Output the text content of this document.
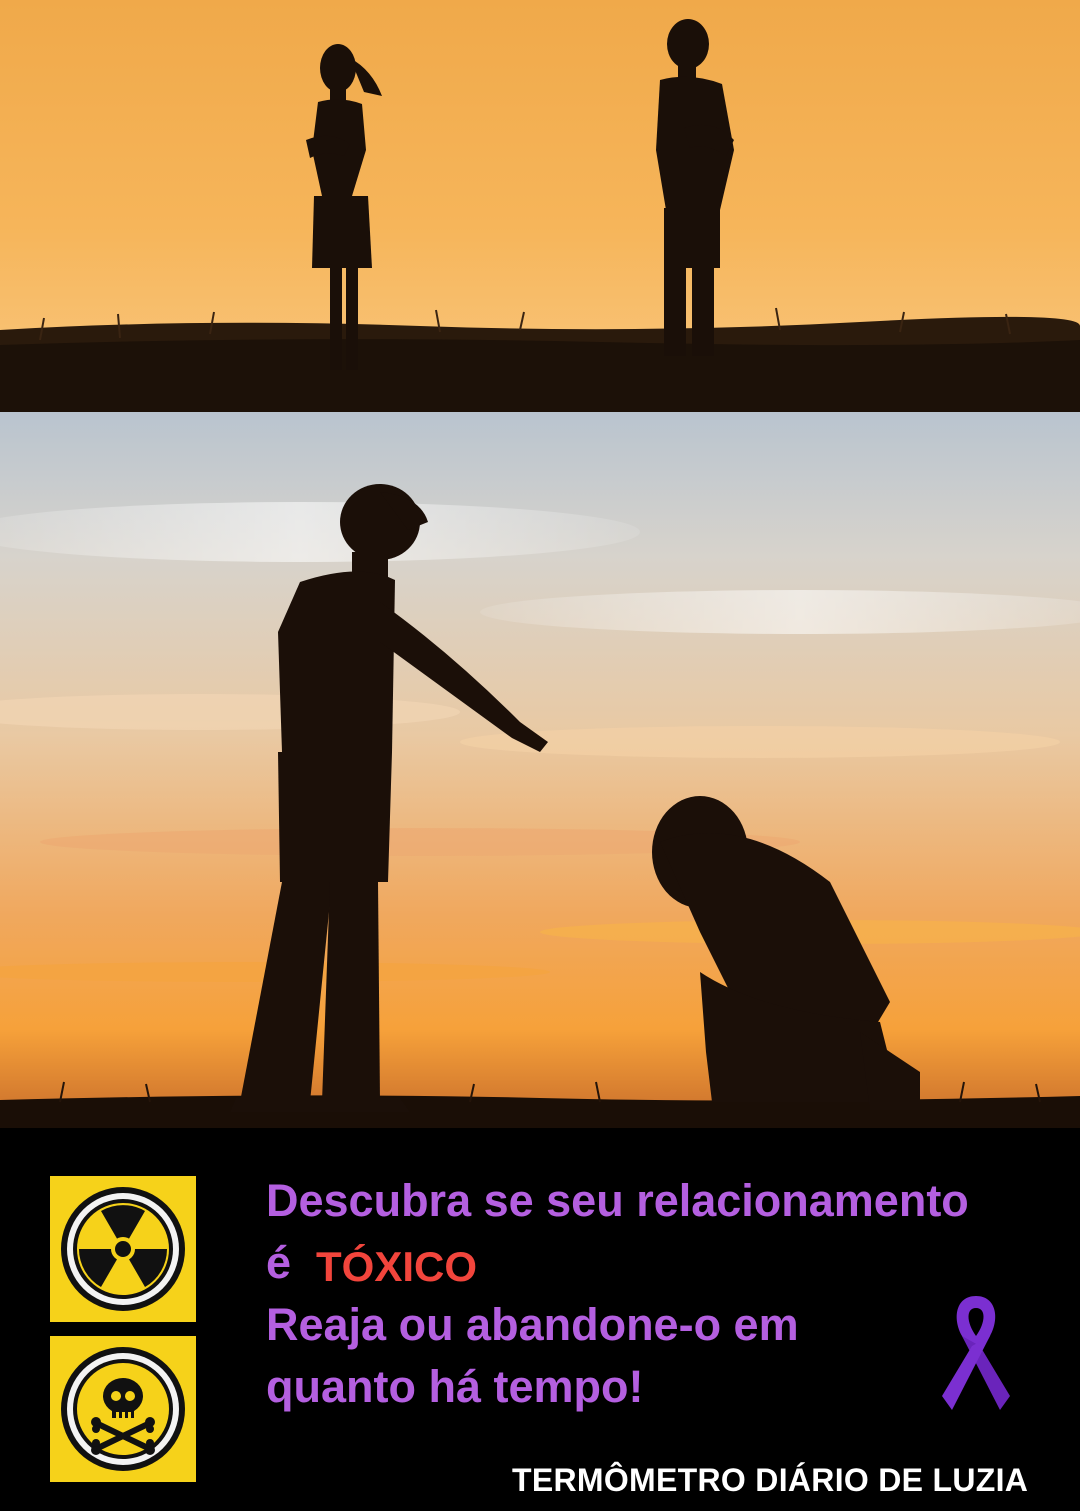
Descubra se seu relacionamento
é TÓXICO
Reaja ou abandone-o em
quanto há tempo!
TERMÔMETRO DIÁRIO DE LUZIA
